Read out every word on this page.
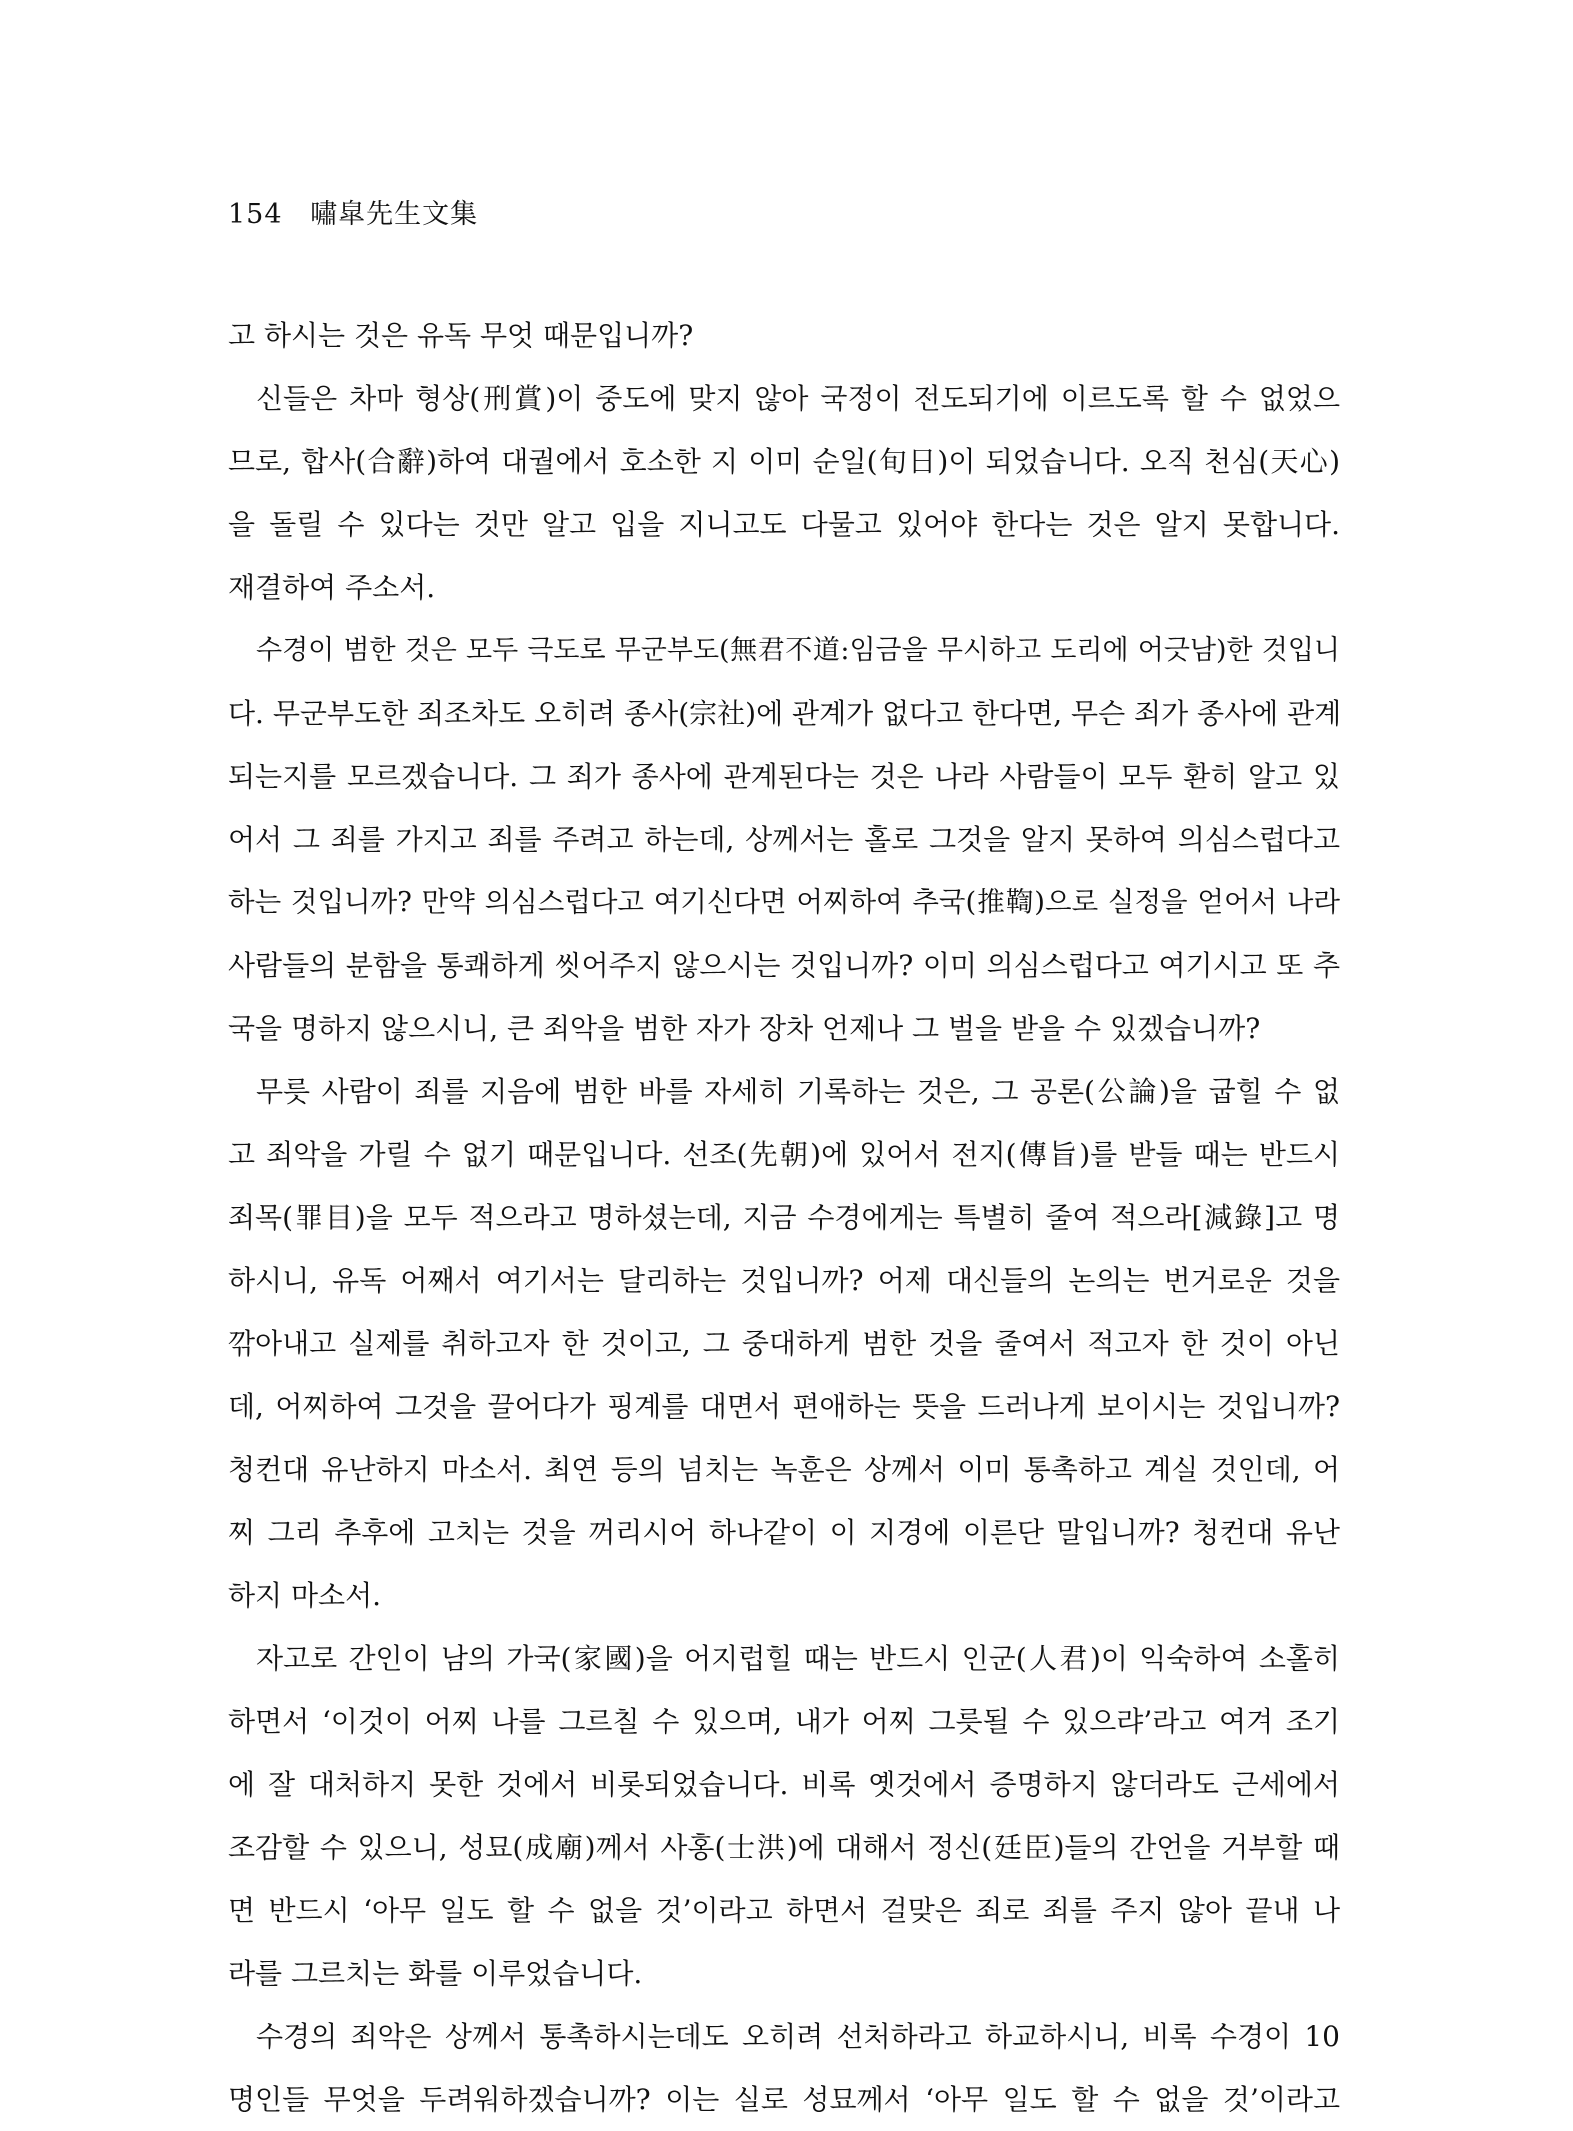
154 嘯皐先生文集
고 하시는 것은 유독 무엇 때문입니까?
신들은 차마 형상(刑賞)이 중도에 맞지 않아 국정이 전도되기에 이르도록 할 수 없었으
므로, 합사(合辭)하여 대궐에서 호소한 지 이미 순일(旬日)이 되었습니다. 오직 천심(天心)
을 돌릴 수 있다는 것만 알고 입을 지니고도 다물고 있어야 한다는 것은 알지 못합니다.
재결하여 주소서.
수경이 범한 것은 모두 극도로 무군부도(無君不道:임금을 무시하고 도리에 어긋남)한 것입니
다. 무군부도한 죄조차도 오히려 종사(宗社)에 관계가 없다고 한다면, 무슨 죄가 종사에 관계
되는지를 모르겠습니다. 그 죄가 종사에 관계된다는 것은 나라 사람들이 모두 환히 알고 있
어서 그 죄를 가지고 죄를 주려고 하는데, 상께서는 홀로 그것을 알지 못하여 의심스럽다고
하는 것입니까? 만약 의심스럽다고 여기신다면 어찌하여 추국(推鞫)으로 실정을 얻어서 나라
사람들의 분함을 통쾌하게 씻어주지 않으시는 것입니까? 이미 의심스럽다고 여기시고 또 추
국을 명하지 않으시니, 큰 죄악을 범한 자가 장차 언제나 그 벌을 받을 수 있겠습니까?
무릇 사람이 죄를 지음에 범한 바를 자세히 기록하는 것은, 그 공론(公論)을 굽힐 수 없
고 죄악을 가릴 수 없기 때문입니다. 선조(先朝)에 있어서 전지(傳旨)를 받들 때는 반드시
죄목(罪目)을 모두 적으라고 명하셨는데, 지금 수경에게는 특별히 줄여 적으라[減錄]고 명
하시니, 유독 어째서 여기서는 달리하는 것입니까? 어제 대신들의 논의는 번거로운 것을
깎아내고 실제를 취하고자 한 것이고, 그 중대하게 범한 것을 줄여서 적고자 한 것이 아닌
데, 어찌하여 그것을 끌어다가 핑계를 대면서 편애하는 뜻을 드러나게 보이시는 것입니까?
청컨대 유난하지 마소서. 최연 등의 넘치는 녹훈은 상께서 이미 통촉하고 계실 것인데, 어
찌 그리 추후에 고치는 것을 꺼리시어 하나같이 이 지경에 이른단 말입니까? 청컨대 유난
하지 마소서.
자고로 간인이 남의 가국(家國)을 어지럽힐 때는 반드시 인군(人君)이 익숙하여 소홀히
하면서 ‘이것이 어찌 나를 그르칠 수 있으며, 내가 어찌 그릇될 수 있으랴’라고 여겨 조기
에 잘 대처하지 못한 것에서 비롯되었습니다. 비록 옛것에서 증명하지 않더라도 근세에서
조감할 수 있으니, 성묘(成廟)께서 사홍(士洪)에 대해서 정신(廷臣)들의 간언을 거부할 때
면 반드시 ‘아무 일도 할 수 없을 것’이라고 하면서 걸맞은 죄로 죄를 주지 않아 끝내 나
라를 그르치는 화를 이루었습니다.
수경의 죄악은 상께서 통촉하시는데도 오히려 선처하라고 하교하시니, 비록 수경이 10
명인들 무엇을 두려워하겠습니까? 이는 실로 성묘께서 ‘아무 일도 할 수 없을 것’이라고
